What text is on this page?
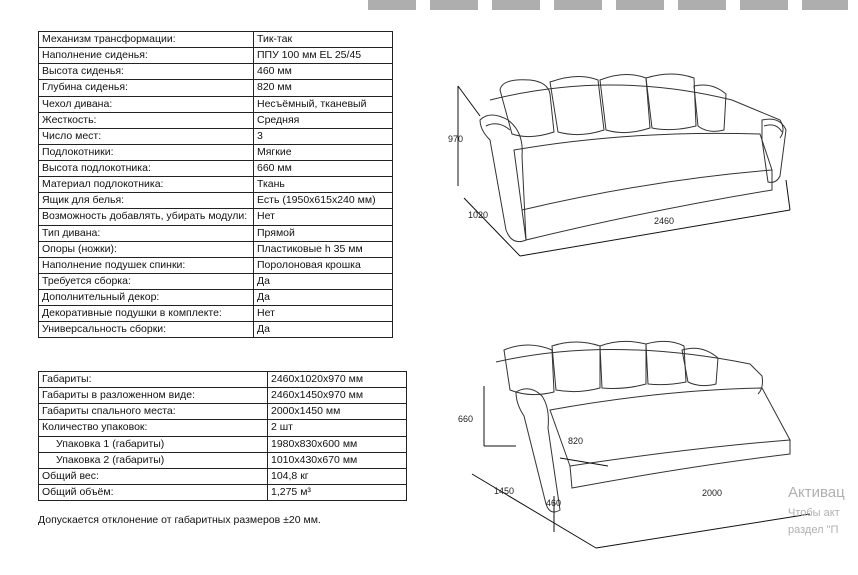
Механизм трансформации:	Тик-так
Наполнение сиденья:	ППУ 100 мм EL 25/45
Высота сиденья:	460 мм
Глубина сиденья:	820 мм
Чехол дивана:	Несъёмный, тканевый
Жесткость:	Средняя
Число мест:	3
Подлокотники:	Мягкие
Высота подлокотника:	660 мм
Материал подлокотника:	Ткань
Ящик для белья:	Есть (1950x615x240 мм)
Возможность добавлять, убирать модули:	Нет
Тип дивана:	Прямой
Опоры (ножки):	Пластиковые h 35 мм
Наполнение подушек спинки:	Поролоновая крошка
Требуется сборка:	Да
Дополнительный декор:	Да
Декоративные подушки в комплекте:	Нет
Универсальность сборки:	Да
Габариты:	2460x1020x970 мм
Габариты в разложенном виде:	2460x1450x970 мм
Габариты спального места:	2000x1450 мм
Количество упаковок:	2 шт
Упаковка 1 (габариты)	1980x830x600 мм
Упаковка 2 (габариты)	1010x430x670 мм
Общий вес:	104,8 кг
Общий объём:	1,275 м³
Допускается отклонение от габаритных размеров ±20 мм.
970
1020
2460
660
820
1450
460
2000	Активац
Чтобы акт
раздел "П
